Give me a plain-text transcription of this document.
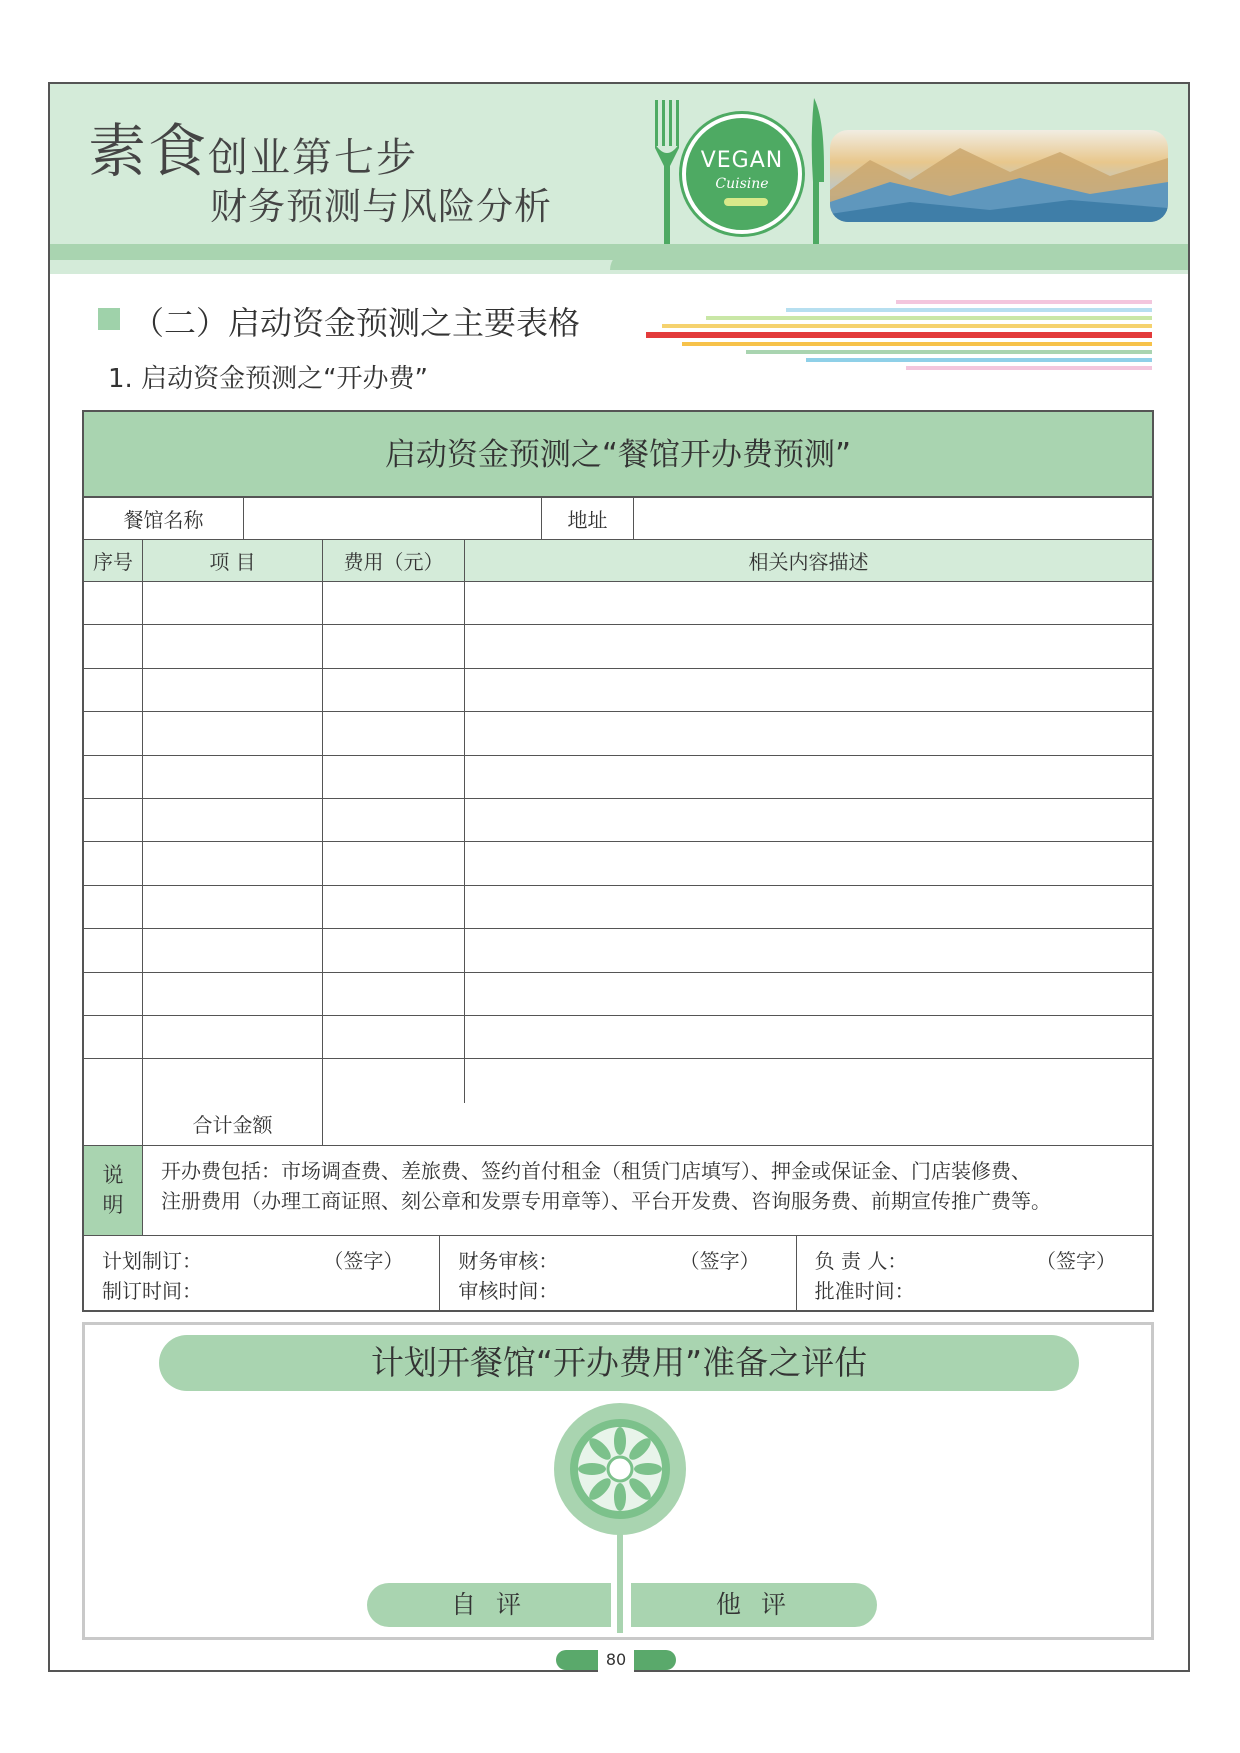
素食创业第七步
财务预测与风险分析
VEGAN
Cuisine
（二）启动资金预测之主要表格
1. 启动资金预测之“开办费”
启动资金预测之“餐馆开办费预测”
餐馆名称	地址
序号	项 目	费用（元）	相关内容描述
合计金额
说
明
开办费包括：市场调查费、差旅费、签约首付租金（租赁门店填写）、押金或保证金、门店装修费、
注册费用（办理工商证照、刻公章和发票专用章等）、平台开发费、咨询服务费、前期宣传推广费等。
计划制订：	（签字）
制订时间：
财务审核：	（签字）
审核时间：
负 责 人：	（签字）
批准时间：
计划开餐馆“开办费用”准备之评估
自 评	他 评
80
